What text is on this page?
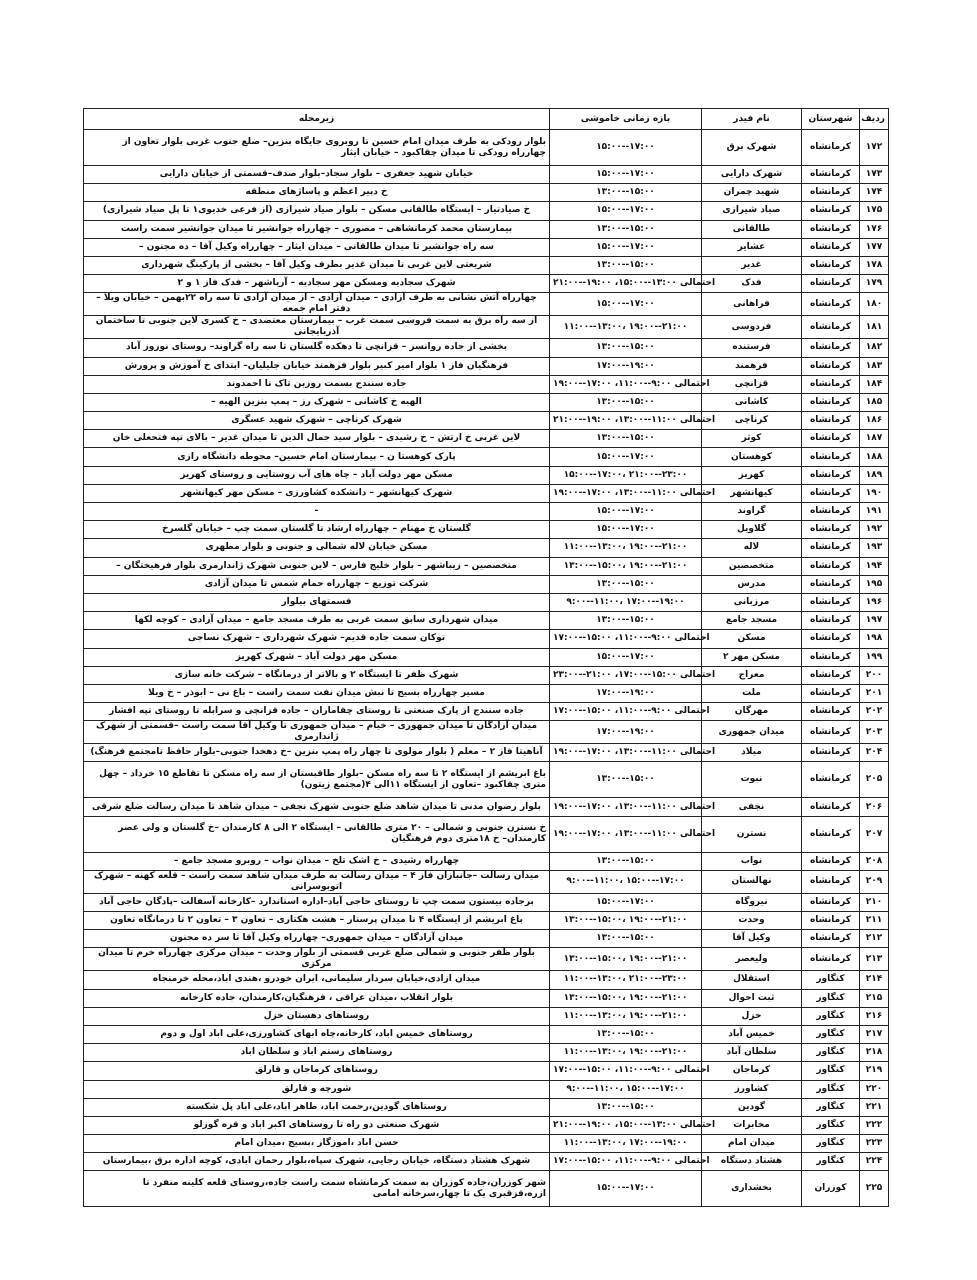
ردیف	شهرستان	نام فیدر	بازه زمانی خاموشی	زیرمحله
۱۷۲	کرمانشاه	شهرک برق	۱۵:۰۰--۱۷:۰۰	بلوار رودکی به طرف میدان امام حسین تا روبروی جایگاه بنزین– ضلع جنوب غربی بلوار تعاون از چهارراه رودکی تا میدان چقاکبود – خیابان ایثار
۱۷۳	کرمانشاه	شهرک دارایی	۱۵:۰۰--۱۷:۰۰	خیابان شهید جعفری – بلوار سجاد–بلوار صدف–قسمتی از خیابان دارایی
۱۷۴	کرمانشاه	شهید چمران	۱۳:۰۰--۱۵:۰۰	خ دبیر اعظم و پاساژهای منطقه
۱۷۵	کرمانشاه	صیاد شیرازی	۱۵:۰۰--۱۷:۰۰	خ صیادتیار – ایستگاه طالقانی مسکن – بلوار صیاد شیرازی (از فرعی خدیوی۱ تا پل صیاد شیرازی)
۱۷۶	کرمانشاه	طالقانی	۱۳:۰۰--۱۵:۰۰	بیمارستان محمد کرمانشاهی – مصوری – چهارراه جوانشیر تا میدان جوانشیر سمت راست
۱۷۷	کرمانشاه	عشایر	۱۵:۰۰--۱۷:۰۰	سه راه جوانشیر تا میدان طالقانی – میدان ایثار – چهارراه وکیل آقا – ده مجنون –
۱۷۸	کرمانشاه	غدیر	۱۳:۰۰--۱۵:۰۰	شریعتی لاین غربی تا میدان غدیر بطرف وکیل آقا – بخشی از پارکینگ شهرداری
۱۷۹	کرمانشاه	فدک	احتمالی ۱۳:۰۰--۱۵:۰۰، ۱۹:۰۰--۲۱:۰۰	شهرک سجادیه ومسکن مهر سجادیه – آریاشهر – فدک فاز ۱ و ۲
۱۸۰	کرمانشاه	فراهانی	۱۵:۰۰--۱۷:۰۰	چهارراه آتش نشانی به طرف آزادی – میدان آزادی – از میدان آزادی تا سه راه ۲۲بهمن – خیابان ویلا – دفتر امام جمعه
۱۸۱	کرمانشاه	فردوسی	۱۱:۰۰--۱۳:۰۰، ۱۹:۰۰--۲۱:۰۰	از سه راه برق به سمت فروسی سمت غرب – بیمارستان معتضدی – خ کسری لاین جنوبی تا ساختمان آذربایجانی
۱۸۲	کرمانشاه	فرستنده	۱۳:۰۰--۱۵:۰۰	بخشی از جاده روانسر – قزانچی تا دهکده گلستان تا سه راه گراوند– روستای نوروز آباد
۱۸۳	کرمانشاه	فرهمند	۱۷:۰۰--۱۹:۰۰	فرهنگیان فاز ۱ بلوار امیر کبیر بلوار فرهمند خیابان جلیلیان– ابتدای خ آموزش و پرورش
۱۸۴	کرمانشاه	قزانچی	احتمالی ۹:۰۰--۱۱:۰۰، ۱۷:۰۰--۱۹:۰۰	جاده سنندج بسمت روزبن تاک تا احمدوند
۱۸۵	کرمانشاه	کاشانی	۱۳:۰۰--۱۵:۰۰	الهیه خ کاشانی – شهرک رز – پمپ بنزین الهیه –
۱۸۶	کرمانشاه	کرناچی	احتمالی ۱۱:۰۰--۱۳:۰۰، ۱۹:۰۰--۲۱:۰۰	شهرک کرناچی – شهرک شهید عسگری
۱۸۷	کرمانشاه	کوثر	۱۳:۰۰--۱۵:۰۰	لاین غربی خ ارتش – خ رشیدی – بلوار سید جمال الدین تا میدان غدیر – بالای تپه فتحعلی خان
۱۸۸	کرمانشاه	کوهستان	۱۵:۰۰--۱۷:۰۰	پارک کوهستا ن – بیمارستان امام حسین– محوطه دانشگاه رازی
۱۸۹	کرمانشاه	کهریز	۱۵:۰۰--۱۷:۰۰، ۲۱:۰۰--۲۳:۰۰	مسکن مهر دولت آباد – چاه های آب روستایی و روستای کهریز
۱۹۰	کرمانشاه	کیهانشهر	احتمالی ۱۱:۰۰--۱۳:۰۰، ۱۷:۰۰--۱۹:۰۰	شهرک کیهانشهر – دانشکده کشاورزی – مسکن مهر کیهانشهر
۱۹۱	کرمانشاه	گراوند	۱۵:۰۰--۱۷:۰۰	-
۱۹۲	کرمانشاه	گلاویل	۱۵:۰۰--۱۷:۰۰	گلستان خ مهنام – چهارراه ارشاد تا گلستان سمت چپ – خیابان گلسرخ
۱۹۳	کرمانشاه	لاله	۱۱:۰۰--۱۳:۰۰، ۱۹:۰۰--۲۱:۰۰	مسکن خیابان لاله شمالی و جنوبی و بلوار مطهری
۱۹۴	کرمانشاه	متخصصین	۱۳:۰۰--۱۵:۰۰، ۱۹:۰۰--۲۱:۰۰	متخصصین – زیباشهر – بلوار خلیج فارس – لاین جنوبی شهرک ژاندارمری بلوار فرهیختگان –
۱۹۵	کرمانشاه	مدرس	۱۳:۰۰--۱۵:۰۰	شرکت توزیع – چهارراه حمام شمس تا میدان آزادی
۱۹۶	کرمانشاه	مرزبانی	۹:۰۰--۱۱:۰۰، ۱۷:۰۰--۱۹:۰۰	قسمتهای بیلوار
۱۹۷	کرمانشاه	مسجد جامع	۱۳:۰۰--۱۵:۰۰	میدان شهرداری سابق سمت غربی به طرف مسجد جامع – میدان آزادی – کوچه لکها
۱۹۸	کرمانشاه	مسکن	احتمالی ۹:۰۰--۱۱:۰۰، ۱۵:۰۰--۱۷:۰۰	توکان سمت جاده قدیم– شهرک شهرداری – شهرک نساجی
۱۹۹	کرمانشاه	مسکن مهر ۲	۱۵:۰۰--۱۷:۰۰	مسکن مهر دولت آباد – شهرک کهریز
۲۰۰	کرمانشاه	معراج	احتمالی ۱۵:۰۰--۱۷:۰۰، ۲۱:۰۰--۲۳:۰۰	شهرک ظفر تا ایستگاه ۲ و بالاتر از درمانگاه – شرکت خانه سازی
۲۰۱	کرمانشاه	ملت	۱۷:۰۰--۱۹:۰۰	مسیر چهارراه بسیج تا نبش میدان نفت سمت راست – باغ نی – ابوذر – خ ویلا
۲۰۲	کرمانشاه	مهرگان	احتمالی ۹:۰۰--۱۱:۰۰، ۱۵:۰۰--۱۷:۰۰	جاده سنندج از پارک صنعتی تا روستای چقاماران – جاده قزانچی و سرابله تا روستای تپه افشار
۲۰۳	کرمانشاه	میدان جمهوری	۱۷:۰۰--۱۹:۰۰	میدان آزادگان تا میدان جمهوری – خیام – میدان جمهوری تا وکیل آقا سمت راست –قسمتی از شهرک ژاندارمری
۲۰۴	کرمانشاه	میلاد	احتمالی ۱۱:۰۰--۱۳:۰۰، ۱۷:۰۰--۱۹:۰۰	آناهیتا فاز ۲ – معلم ( بلوار مولوی تا چهار راه پمپ بنزین –خ دهخدا جنوبی–بلوار حافظ تامجتمع فرهنگ)
۲۰۵	کرمانشاه	نبوت	۱۳:۰۰--۱۵:۰۰	باغ ابریشم از ایستگاه ۲ تا سه راه مسکن –بلوار طاقبستان از سه راه مسکن تا تقاطع ۱۵ خرداد – چهل متری چقاکبود –تعاون از ایستگاه ۱۱الی ۴(مجتمع زیتون)
۲۰۶	کرمانشاه	نجفی	احتمالی ۱۱:۰۰--۱۳:۰۰، ۱۷:۰۰--۱۹:۰۰	بلوار رضوان مدنی تا میدان شاهد ضلع جنوبی شهرک نجفی – میدان شاهد تا میدان رسالت ضلع شرقی
۲۰۷	کرمانشاه	نسترن	احتمالی ۱۱:۰۰--۱۳:۰۰، ۱۷:۰۰--۱۹:۰۰	خ نسترن جنوبی و شمالی – ۲۰ متری طالقانی – ایستگاه ۲ الی ۸ کارمندان –خ گلستان و ولی عصر کارمندان– خ ۱۸متری دوم فرهنگیان
۲۰۸	کرمانشاه	نواب	۱۳:۰۰--۱۵:۰۰	چهارراه رشیدی – خ اشک تلخ – میدان نواب – روبرو مسجد جامع –
۲۰۹	کرمانشاه	نهالستان	۹:۰۰--۱۱:۰۰، ۱۵:۰۰--۱۷:۰۰	میدان رسالت –جانبازان فاز ۴ – میدان رسالت به طرف میدان شاهد سمت راست – قلعه کهنه – شهرک اتوبوسرانی
۲۱۰	کرمانشاه	نیروگاه	۱۵:۰۰--۱۷:۰۰	برجاده بیستون سمت چپ تا روستای حاجی آباد–اداره استاندارد –کارخانه آسفالت –پادگان حاجی آباد
۲۱۱	کرمانشاه	وحدت	۱۳:۰۰--۱۵:۰۰، ۱۹:۰۰--۲۱:۰۰	باغ ابریشم از ایستگاه ۴ تا میدان پرستار – هشت هکتاری – تعاون ۳ – تعاون ۲ تا درمانگاه تعاون
۲۱۲	کرمانشاه	وکیل آقا	۱۳:۰۰--۱۵:۰۰	میدان آزادگان – میدان جمهوری– چهارراه وکیل آقا تا سر ده مجنون
۲۱۳	کرمانشاه	ولیعصر	۱۳:۰۰--۱۵:۰۰، ۱۹:۰۰--۲۱:۰۰	بلوار ظفر جنوبی و شمالی ضلع غربی قسمتی از بلوار وحدت – میدان مرکزی چهارراه خرم تا میدان مرکزی
۲۱۴	کنگاور	استقلال	۱۱:۰۰--۱۳:۰۰، ۲۱:۰۰--۲۳:۰۰	میدان ازادی،خیابان سردار سلیمانی، ایران خودرو ،هندی اباد،محله خرمنجاه
۲۱۵	کنگاور	ثبت احوال	۱۳:۰۰--۱۵:۰۰، ۱۹:۰۰--۲۱:۰۰	بلوار انقلاب ،میدان عراقی ، فرهنگیان،کارمندان، جاده کارخانه
۲۱۶	کنگاور	خزل	۱۱:۰۰--۱۳:۰۰، ۱۹:۰۰--۲۱:۰۰	روستاهای دهستان خزل
۲۱۷	کنگاور	خمیس آباد	۱۳:۰۰--۱۵:۰۰	روستاهای خمیس اباد، کارخانه،چاه ابهای کشاورزی،علی اباد اول و دوم
۲۱۸	کنگاور	سلطان آباد	۱۱:۰۰--۱۳:۰۰، ۱۹:۰۰--۲۱:۰۰	روستاهای رستم اباد و سلطان اباد
۲۱۹	کنگاور	کرماجان	احتمالی ۹:۰۰--۱۱:۰۰، ۱۵:۰۰--۱۷:۰۰	روستاهای کرماجان و قارلق
۲۲۰	کنگاور	کشاورز	۹:۰۰--۱۱:۰۰، ۱۵:۰۰--۱۷:۰۰	شورچه و قارلق
۲۲۱	کنگاور	گودین	۱۳:۰۰--۱۵:۰۰	روستاهای گودین،رحمت اباد، طاهر اباد،علی اباد پل شکسته
۲۲۲	کنگاور	مخابرات	احتمالی ۱۳:۰۰--۱۵:۰۰، ۱۹:۰۰--۲۱:۰۰	شهرک صنعتی دو راه تا روستاهای اکبر اباد و قره گوزلو
۲۲۳	کنگاور	میدان امام	۱۱:۰۰--۱۳:۰۰، ۱۷:۰۰--۱۹:۰۰	حسن اباد ،اموزگار ،بسیج ،میدان امام
۲۲۴	کنگاور	هشتاد دستگاه	احتمالی ۹:۰۰--۱۱:۰۰، ۱۵:۰۰--۱۷:۰۰	شهرک هشتاد دستگاه، خیابان رجایی، شهرک سپاه،بلوار رحمان ابادی، کوچه اداره برق ،بیمارستان
۲۲۵	کوزران	بخشداری	۱۵:۰۰--۱۷:۰۰	شهر کوزران،جاده کوزران به سمت کرمانشاه سمت راست جاده،روستای قلعه کلینه منفرد تا ازره،قزقبری یک تا چهار،سرخانه امامی
